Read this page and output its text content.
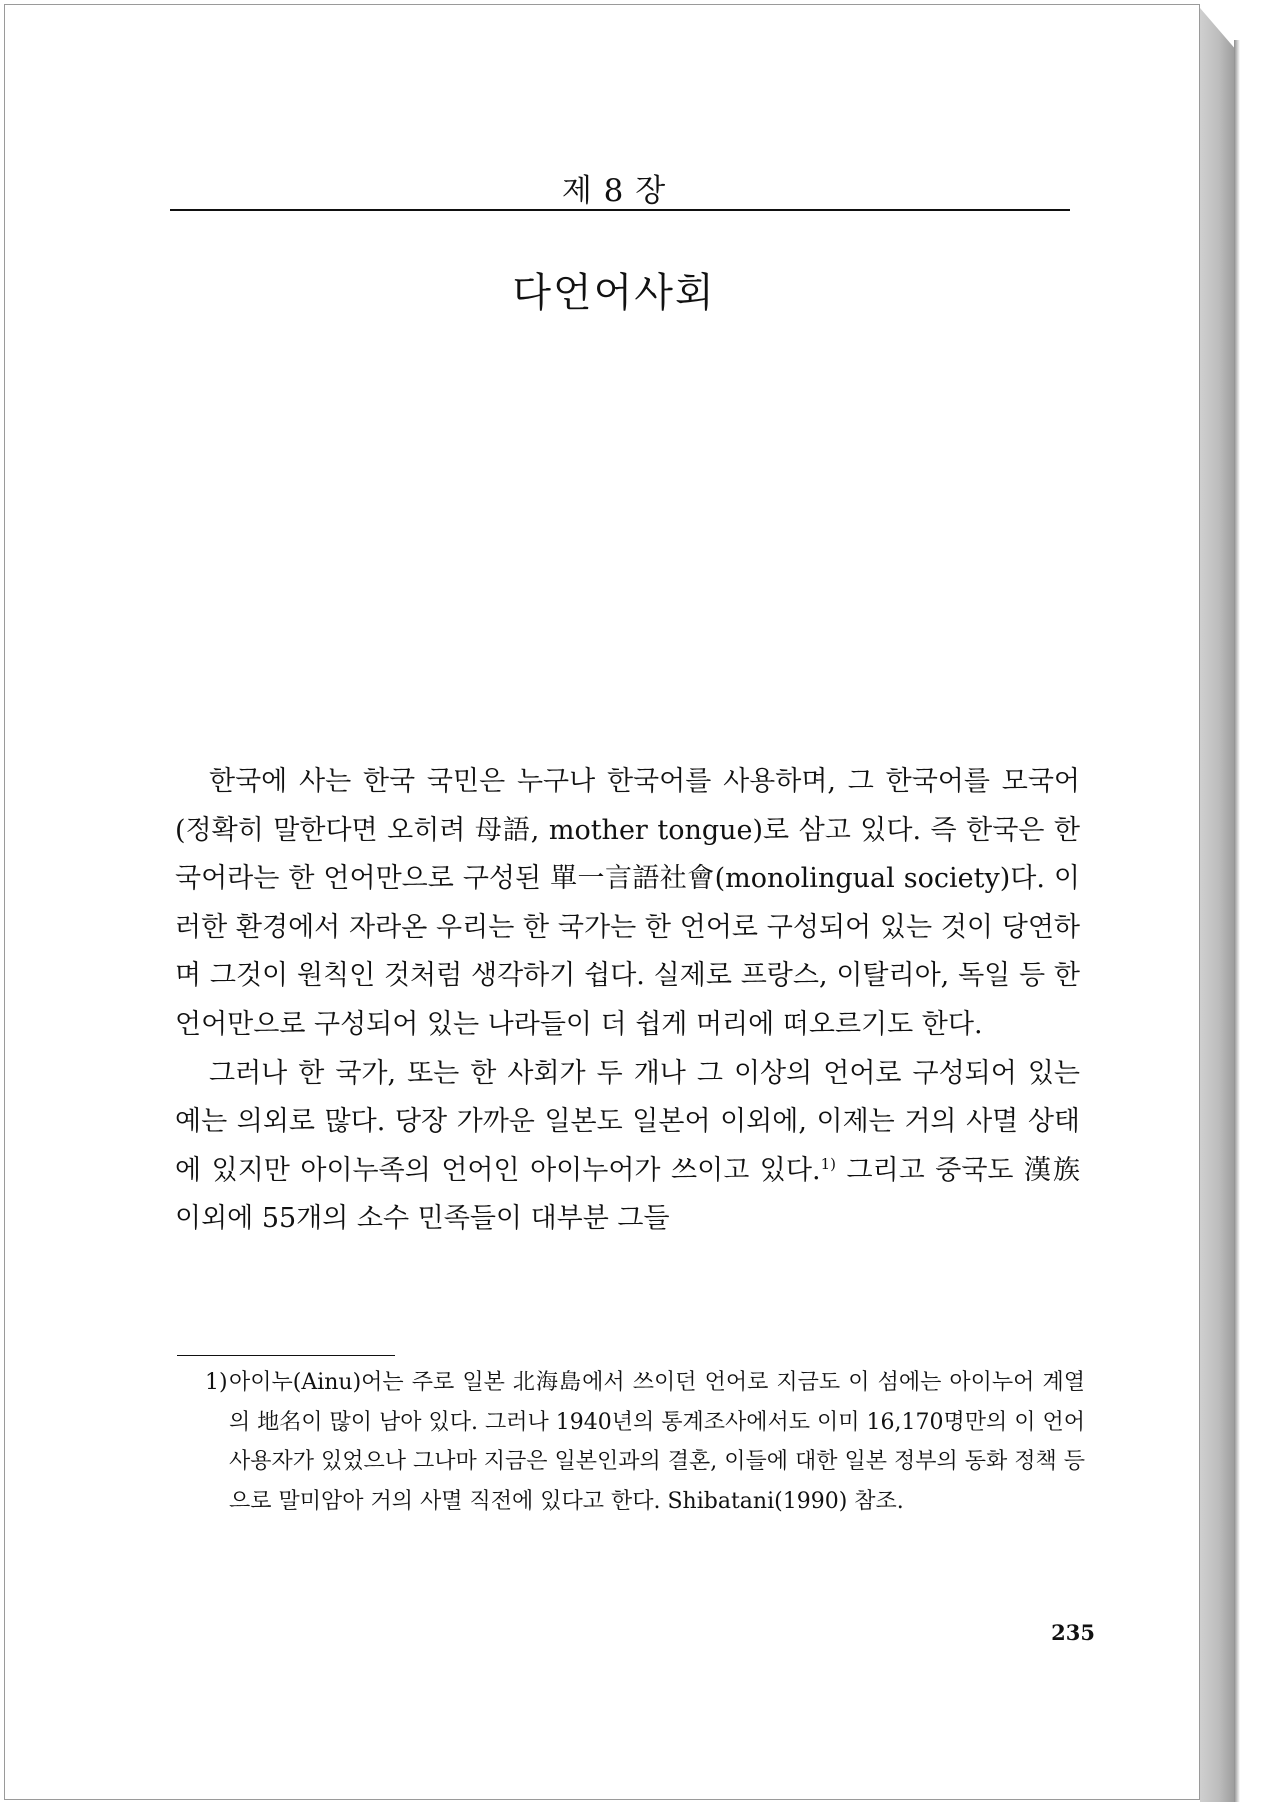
제 8 장
다언어사회

한국에 사는 한국 국민은 누구나 한국어를 사용하며, 그 한국어를 모국어(정확히 말한다면 오히려 母語, mother tongue)로 삼고 있다. 즉 한국은 한국어라는 한 언어만으로 구성된 單一言語社會(monolingual society)다. 이러한 환경에서 자라온 우리는 한 국가는 한 언어로 구성되어 있는 것이 당연하며 그것이 원칙인 것처럼 생각하기 쉽다. 실제로 프랑스, 이탈리아, 독일 등 한 언어만으로 구성되어 있는 나라들이 더 쉽게 머리에 떠오르기도 한다.

그러나 한 국가, 또는 한 사회가 두 개나 그 이상의 언어로 구성되어 있는 예는 의외로 많다. 당장 가까운 일본도 일본어 이외에, 이제는 거의 사멸 상태에 있지만 아이누족의 언어인 아이누어가 쓰이고 있다.$^{1)}$ 그리고 중국도 漢族 이외에 55개의 소수 민족들이 대부분 그들

1) 아이누(Ainu)어는 주로 일본 北海島에서 쓰이던 언어로 지금도 이 섬에는 아이누어 계열의 地名이 많이 남아 있다. 그러나 1940년의 통계조사에서도 이미 16,170명만의 이 언어 사용자가 있었으나 그나마 지금은 일본인과의 결혼, 이들에 대한 일본 정부의 동화 정책 등으로 말미암아 거의 사멸 직전에 있다고 한다. Shibatani(1990) 참조.
235
